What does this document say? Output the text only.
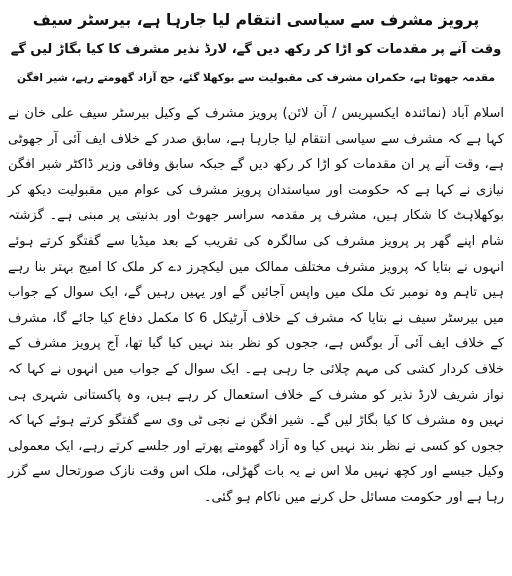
پرویز مشرف سے سیاسی انتقام لیا جارہا ہے، بیرسٹر سیف
وقت آنے پر مقدمات کو اڑا کر رکھ دیں گے، لارڈ نذیر مشرف کا کیا بگاڑ لیں گے
مقدمہ جھوٹا ہے، حکمران مشرف کی مقبولیت سے بوکھلا گئے، جج آزاد گھومتے رہے، شیر افگن

اسلام آباد (نمائندہ ایکسپریس / آن لائن) پرویز مشرف کے وکیل بیرسٹر سیف علی خان نے کہا ہے کہ مشرف سے سیاسی انتقام لیا جارہا ہے، سابق صدر کے خلاف ایف آئی آر جھوٹی ہے، وقت آنے پر ان مقدمات کو اڑا کر رکھ دیں گے جبکہ سابق وفاقی وزیر ڈاکٹر شیر افگن نیازی نے کہا ہے کہ حکومت اور سیاستدان پرویز مشرف کی عوام میں مقبولیت دیکھ کر بوکھلاہٹ کا شکار ہیں، مشرف پر مقدمہ سراسر جھوٹ اور بدنیتی پر مبنی ہے۔ گزشتہ شام اپنے گھر پر پرویز مشرف کی سالگرہ کی تقریب کے بعد میڈیا سے گفتگو کرتے ہوئے انہوں نے بتایا کہ پرویز مشرف مختلف ممالک میں لیکچرز دے کر ملک کا امیج بہتر بنا رہے ہیں تاہم وہ نومبر تک ملک میں واپس آجائیں گے اور یہیں رہیں گے، ایک سوال کے جواب میں بیرسٹر سیف نے بتایا کہ مشرف کے خلاف آرٹیکل 6 کا مکمل دفاع کیا جائے گا، مشرف کے خلاف ایف آئی آر بوگس ہے، ججوں کو نظر بند نہیں کیا گیا تھا، آج پرویز مشرف کے خلاف کردار کشی کی مہم چلائی جا رہی ہے۔ ایک سوال کے جواب میں انہوں نے کہا کہ نواز شریف لارڈ نذیر کو مشرف کے خلاف استعمال کر رہے ہیں، وہ پاکستانی شہری ہی نہیں وہ مشرف کا کیا بگاڑ لیں گے۔ شیر افگن نے نجی ٹی وی سے گفتگو کرتے ہوئے کہا کہ ججوں کو کسی نے نظر بند نہیں کیا وہ آزاد گھومتے پھرتے اور جلسے کرتے رہے، ایک معمولی وکیل جیسے اور کچھ نہیں ملا اس نے یہ بات گھڑلی، ملک اس وقت نازک صورتحال سے گزر رہا ہے اور حکومت مسائل حل کرنے میں ناکام ہو گئی۔
